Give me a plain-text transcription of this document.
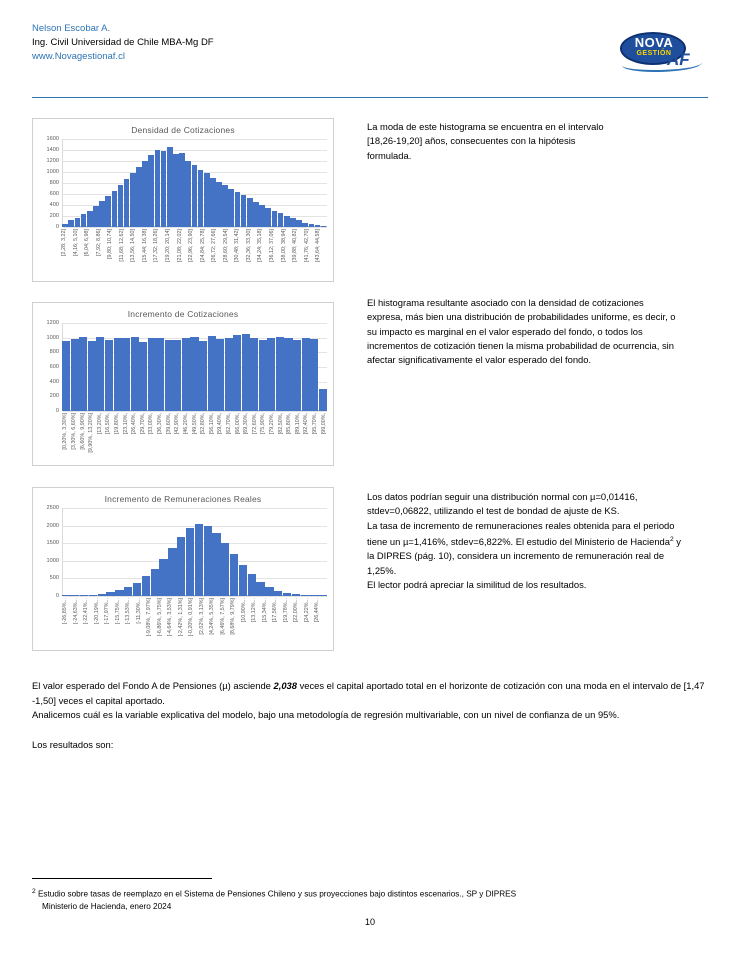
Nelson Escobar A.
Ing. Civil Universidad de Chile MBA-Mg DF
www.Novagestionaf.cl
NOVA
GESTIÓN
AF
Densidad de Cotizaciones
0
200
400
600
800
1000
1200
1400
1600
[2,28; 3,22] [4,16; 5,10] [6,04; 6,98] [7,92; 8,86] [9,80; 10,74] [11,68; 12,62] [13,56; 14,50] [15,44; 16,38] [17,32; 18,26] [19,20; 20,14] [21,08; 22,02] [22,96; 23,90] [24,84; 25,78] [26,72; 27,66] [28,60; 29,54] [30,48; 31,42] [32,36; 33,30] [34,24; 35,18] [36,12; 37,06] [38,00; 38,94] [39,88; 40,82] [41,76; 42,70] [43,64; 44,58]
La moda de este histograma se encuentra en el intervalo [18,26-19,20] años, consecuentes con la hipótesis formulada.
Incremento de Cotizaciones
0
200
400
600
800
1000
1200
[0,20%, 3,30%] [3,30%, 6,60%] [6,60%, 9,90%] [9,90%, 13,20%] [13,20%, [16,50%, [19,80%, [23,10%, [26,40%, [29,70%, [33,00%, [36,30%, [39,60%, [42,90%, [46,20%, [49,50%, [52,80%, [56,10%, [59,40%, [62,70%, [66,00%, [69,30%, [72,60%, [75,90%, [79,20%, [82,50%, [85,80%, [89,10%, [92,40%, [95,70%, [99,00%,
El histograma resultante asociado con la densidad de cotizaciones expresa, más bien una distribución de probabilidades uniforme, es decir, o su impacto es marginal en el valor esperado del fondo, o todos los incrementos de cotización tienen la misma probabilidad de ocurrencia, sin afectar significativamente el valor esperado del fondo.
Incremento de Remuneraciones Reales
0
500
1000
1500
2000
2500
[-26,85%... [-24,63%... [-22,41%... [-20,19%... [-17,97%... [-15,75%... [-13,53%... [-11,30%... [-9,08%, 7,97%] [-6,86%, 5,75%] [-4,64%, 3,53%] [-2,42%, 1,31%] [-0,20%, 0,91%] [2,02%, 3,13%] [4,24%, 5,35%] [6,46%, 7,57%] [8,68%, 9,79%] [10,90%... [13,12%... [15,34%... [17,56%... [19,78%... [22,00%... [24,22%... [26,44%...
Los datos podrían seguir una distribución normal con µ=0,01416, stdev=0,06822, utilizando el test de bondad de ajuste de KS.
La tasa de incremento de remuneraciones reales obtenida para el periodo tiene un µ=1,416%, stdev=6,822%. El estudio del Ministerio de Hacienda$^2$ y la DIPRES (pág. 10), considera un incremento de remuneración real de 1,25%.
El lector podrá apreciar la similitud de los resultados.
El valor esperado del Fondo A de Pensiones (µ) asciende 2,038 veces el capital aportado total en el horizonte de cotización con una moda en el intervalo de [1,47 -1,50] veces el capital aportado.
Analicemos cuál es la variable explicativa del modelo, bajo una metodología de regresión multivariable, con un nivel de confianza de un 95%.
Los resultados son:
$^2$ Estudio sobre tasas de reemplazo en el Sistema de Pensiones Chileno y sus proyecciones bajo distintos escenarios., SP y DIPRES
Ministerio de Hacienda, enero 2024
10
